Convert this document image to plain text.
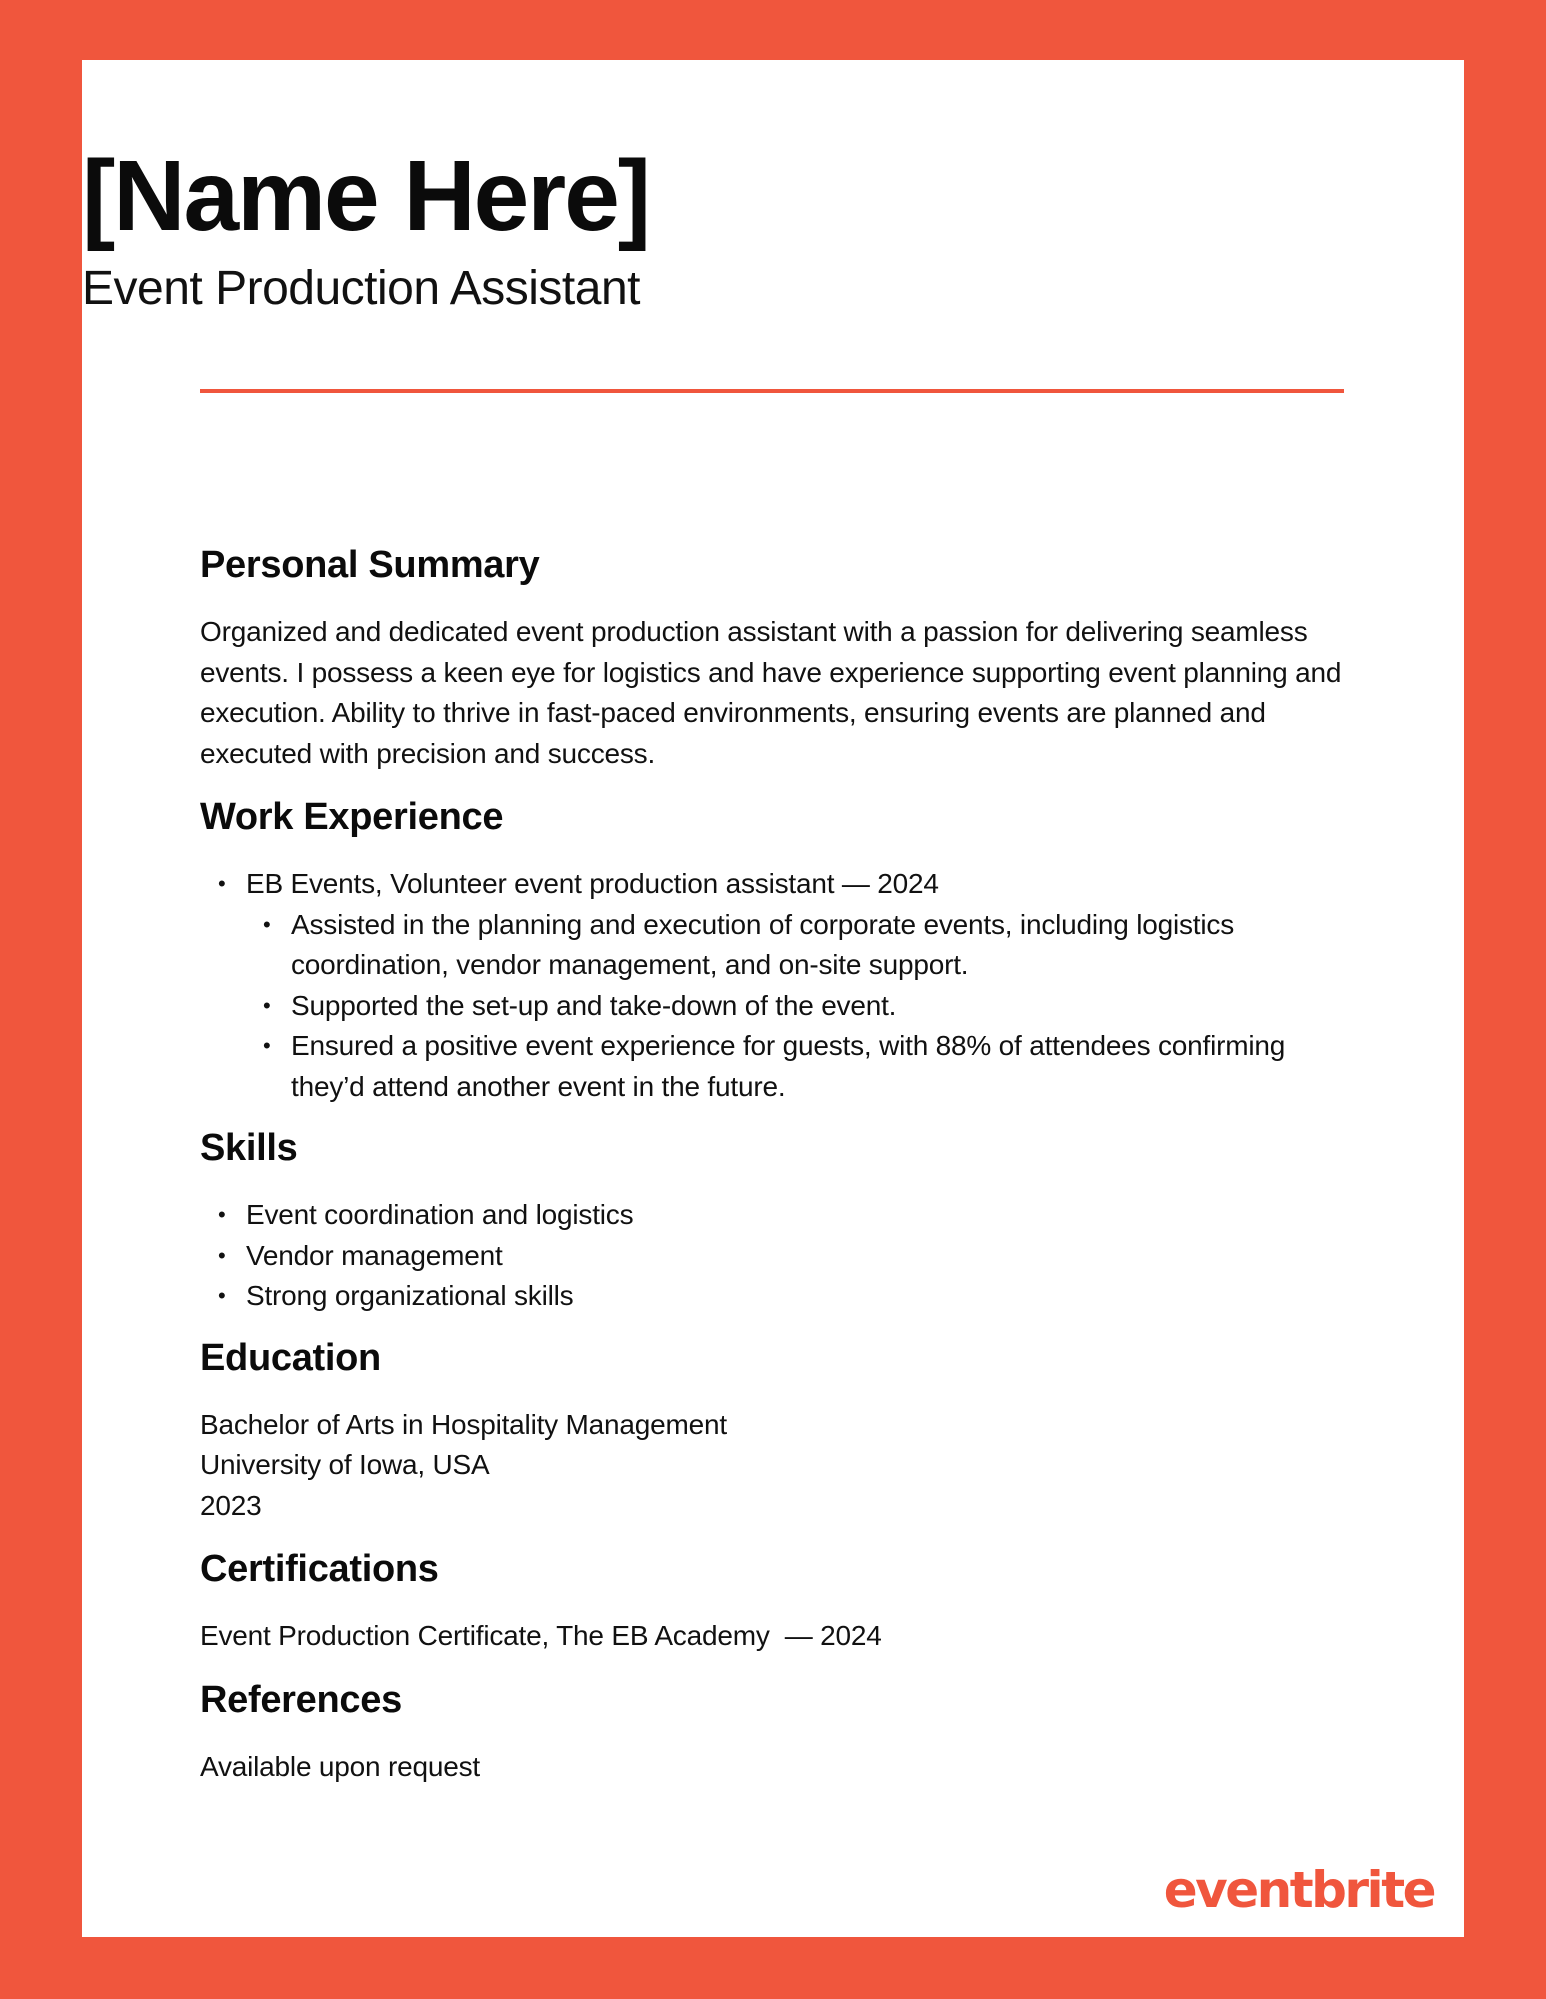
[Name Here]
Event Production Assistant
Personal Summary

Organized and dedicated event production assistant with a passion for delivering seamless events. I possess a keen eye for logistics and have experience supporting event planning and execution. Ability to thrive in fast-paced environments, ensuring events are planned and executed with precision and success.

Work Experience
• EB Events, Volunteer event production assistant — 2024
• Assisted in the planning and execution of corporate events, including logistics coordination, vendor management, and on-site support.
• Supported the set-up and take-down of the event.
• Ensured a positive event experience for guests, with 88% of attendees confirming they’d attend another event in the future.
Skills
• Event coordination and logistics
• Vendor management
• Strong organizational skills
Education

Bachelor of Arts in Hospitality Management

University of Iowa, USA

2023

Certifications

Event Production Certificate, The EB Academy  — 2024

References

Available upon request

eventbrite
